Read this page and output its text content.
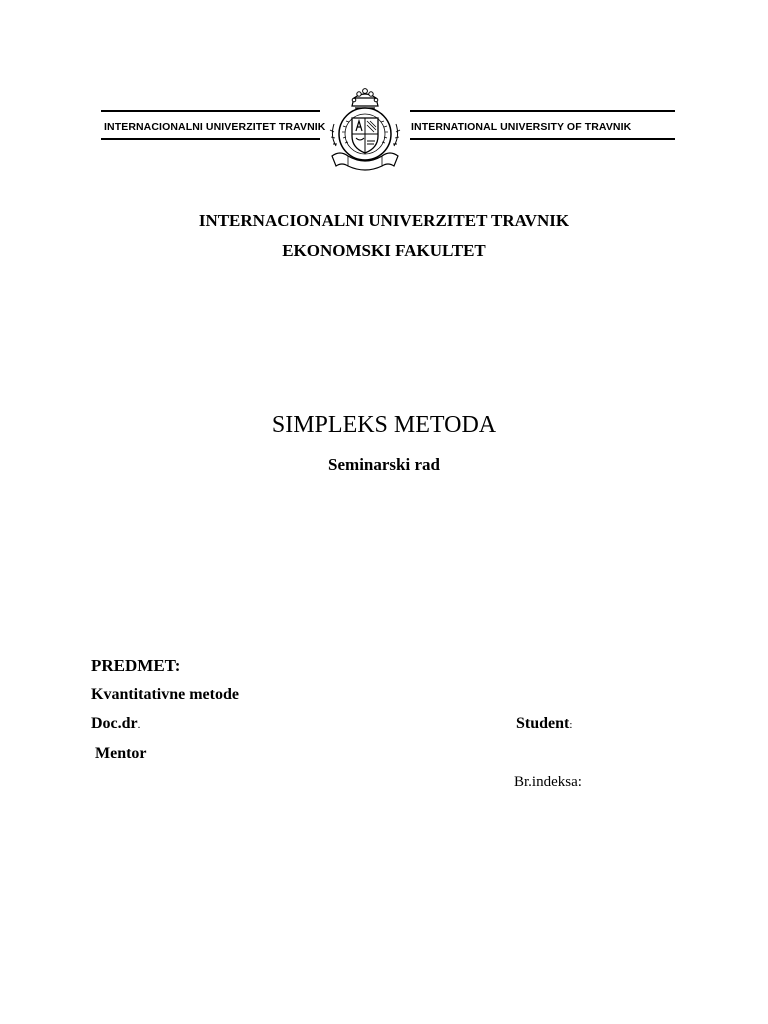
INTERNACIONALNI UNIVERZITET TRAVNIK	INTERNATIONAL UNIVERSITY OF TRAVNIK
INTERNACIONALNI UNIVERZITET TRAVNIK
EKONOMSKI FAKULTET
SIMPLEKS METODA
Seminarski rad
PREDMET:
Kvantitativne metode
Doc.dr.	Student:
Mentor
Br.indeksa:
